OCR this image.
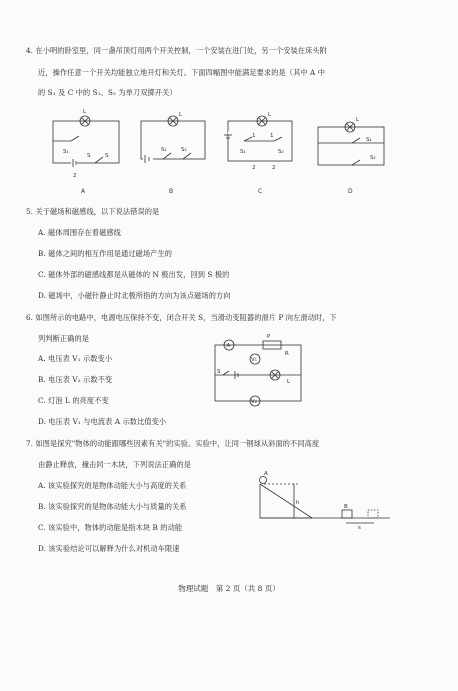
4. 在小明的卧室里，同一盏吊顶灯用两个开关控制，一个安装在进门处，另一个安装在床头附
近，操作任意一个开关均能独立地开灯和关灯。下面四幅图中能满足要求的是（其中 A 中
的 S₁ 及 C 中的 S₁、S₂ 为单刀双掷开关）
L
S₁
S	S
2
A
L
S₁	S₂
B
L
S₁
1	1
S₂
2	2
C
L
S₁
S₂
D
5. 关于磁场和磁感线，以下说法错误的是
A. 磁体周围存在着磁感线
B. 磁体之间的相互作用是通过磁场产生的
C. 磁体外部的磁感线都是从磁体的 N 极出发，回到 S 极的
D. 磁场中，小磁针静止时北极所指的方向为该点磁场的方向
6. 如图所示的电路中，电源电压保持不变，闭合开关 S，当滑动变阻器的滑片 P 向左滑动时，下
列判断正确的是
A. 电压表 V₁ 示数变小
B. 电压表 V₂ 示数不变
C. 灯泡 L 的亮度不变
D. 电压表 V₁ 与电流表 A 示数比值变小
A
P
R
V₁
L
S
V₂
7. 如图是探究"物体的动能跟哪些因素有关"的实验。实验中，让同一钢球从斜面的不同高度
由静止释放，撞击同一木块，下列说法正确的是
A. 该实验探究的是物体动能大小与高度的关系
B. 该实验探究的是物体动能大小与质量的关系
C. 该实验中，物体的动能是指木块 B 的动能
D. 该实验结论可以解释为什么对机动车限速
A
h
B
s
物理试题　第 2 页（共 8 页）
